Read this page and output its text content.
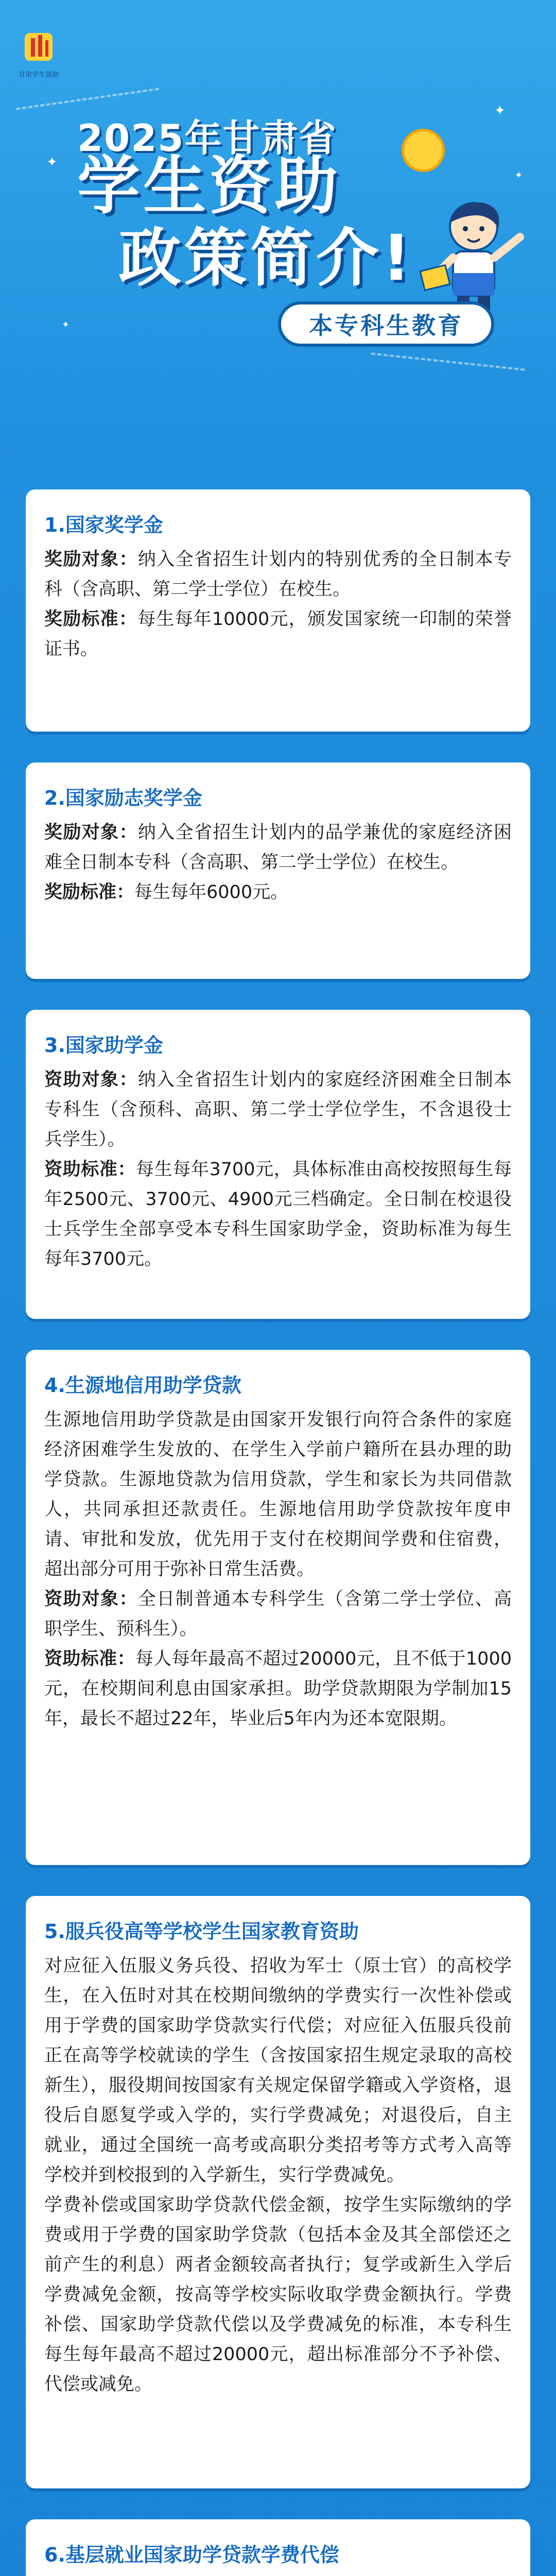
✦
✦
✦
✦
2025年甘肃省
学生资助
政策简介!
本专科生教育
甘肃学生资助
1.国家奖学金

奖励对象：纳入全省招生计划内的特别优秀的全日制本专科（含高职、第二学士学位）在校生。

奖励标准：每生每年10000元，颁发国家统一印制的荣誉证书。

2.国家励志奖学金

奖励对象：纳入全省招生计划内的品学兼优的家庭经济困难全日制本专科（含高职、第二学士学位）在校生。

奖励标准：每生每年6000元。

3.国家助学金

资助对象：纳入全省招生计划内的家庭经济困难全日制本专科生（含预科、高职、第二学士学位学生，不含退役士兵学生）。

资助标准：每生每年3700元，具体标准由高校按照每生每年2500元、3700元、4900元三档确定。全日制在校退役士兵学生全部享受本专科生国家助学金，资助标准为每生每年3700元。

4.生源地信用助学贷款

生源地信用助学贷款是由国家开发银行向符合条件的家庭经济困难学生发放的、在学生入学前户籍所在县办理的助学贷款。生源地贷款为信用贷款，学生和家长为共同借款人，共同承担还款责任。生源地信用助学贷款按年度申请、审批和发放，优先用于支付在校期间学费和住宿费，超出部分可用于弥补日常生活费。

资助对象：全日制普通本专科学生（含第二学士学位、高职学生、预科生）。

资助标准：每人每年最高不超过20000元，且不低于1000元，在校期间利息由国家承担。助学贷款期限为学制加15年，最长不超过22年，毕业后5年内为还本宽限期。

5.服兵役高等学校学生国家教育资助

对应征入伍服义务兵役、招收为军士（原士官）的高校学生，在入伍时对其在校期间缴纳的学费实行一次性补偿或用于学费的国家助学贷款实行代偿；对应征入伍服兵役前正在高等学校就读的学生（含按国家招生规定录取的高校新生），服役期间按国家有关规定保留学籍或入学资格，退役后自愿复学或入学的，实行学费减免；对退役后，自主就业，通过全国统一高考或高职分类招考等方式考入高等学校并到校报到的入学新生，实行学费减免。

学费补偿或国家助学贷款代偿金额，按学生实际缴纳的学费或用于学费的国家助学贷款（包括本金及其全部偿还之前产生的利息）两者金额较高者执行；复学或新生入学后学费减免金额，按高等学校实际收取学费金额执行。学费补偿、国家助学贷款代偿以及学费减免的标准，本专科生每生每年最高不超过20000元，超出标准部分不予补偿、代偿或减免。

6.基层就业国家助学贷款学费代偿
